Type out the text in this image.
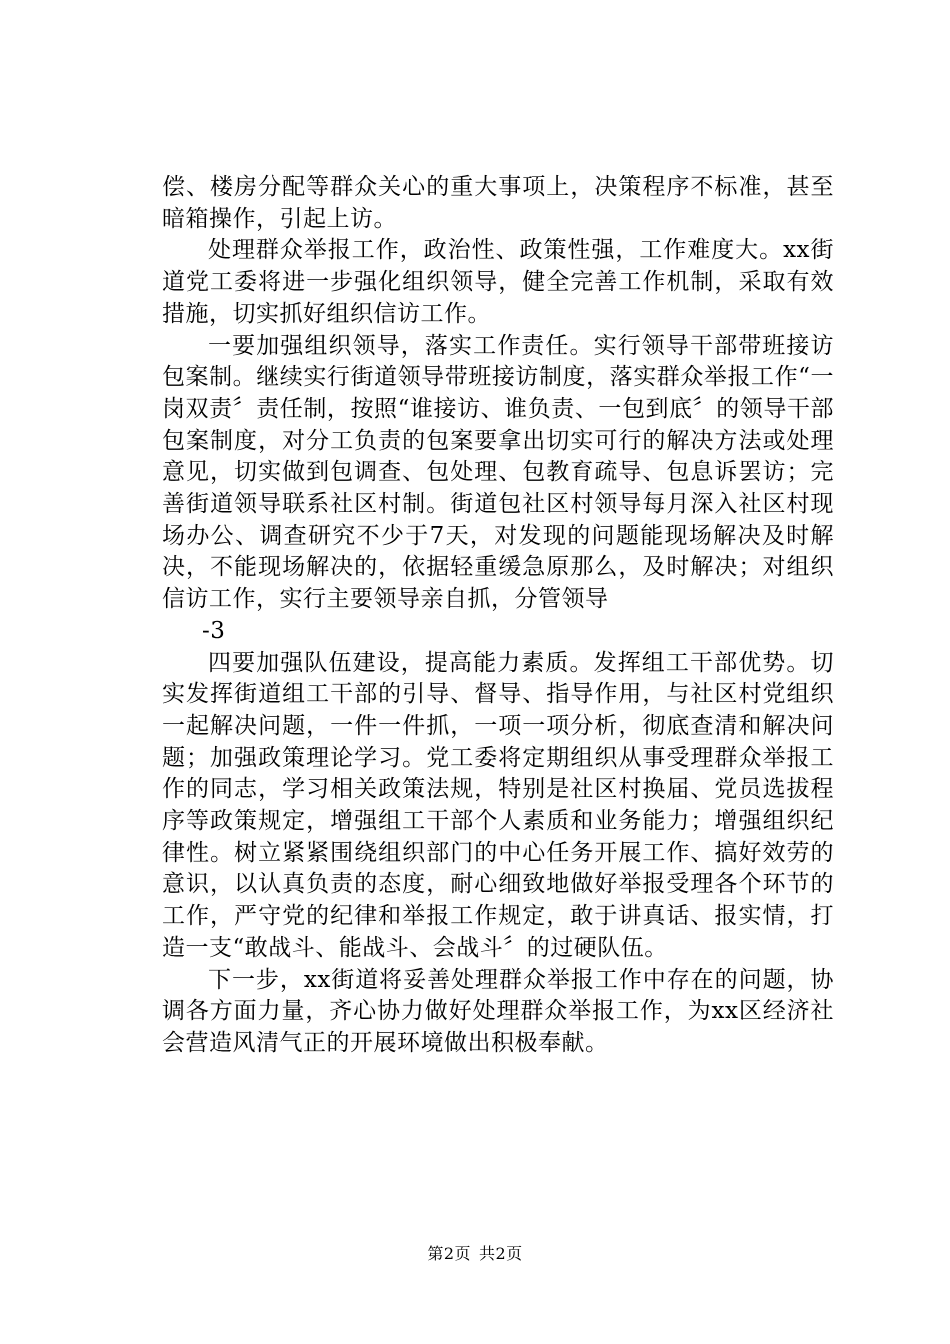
偿、楼房分配等群众关心的重大事项上，决策程序不标准，甚至暗箱操作，引起上访。

处理群众举报工作，政治性、政策性强，工作难度大。xx街道党工委将进一步强化组织领导，健全完善工作机制，采取有效措施，切实抓好组织信访工作。

一要加强组织领导，落实工作责任。实行领导干部带班接访包案制。继续实行街道领导带班接访制度，落实群众举报工作“一岗双责〞责任制，按照“谁接访、谁负责、一包到底〞的领导干部包案制度，对分工负责的包案要拿出切实可行的解决方法或处理意见，切实做到包调查、包处理、包教育疏导、包息诉罢访；完善街道领导联系社区村制。街道包社区村领导每月深入社区村现场办公、调查研究不少于7天，对发现的问题能现场解决及时解决，不能现场解决的，依据轻重缓急原那么，及时解决；对组织信访工作，实行主要领导亲自抓，分管领导

-3

四要加强队伍建设，提高能力素质。发挥组工干部优势。切实发挥街道组工干部的引导、督导、指导作用，与社区村党组织一起解决问题，一件一件抓，一项一项分析，彻底查清和解决问题；加强政策理论学习。党工委将定期组织从事受理群众举报工作的同志，学习相关政策法规，特别是社区村换届、党员选拔程序等政策规定，增强组工干部个人素质和业务能力；增强组织纪律性。树立紧紧围绕组织部门的中心任务开展工作、搞好效劳的意识，以认真负责的态度，耐心细致地做好举报受理各个环节的工作，严守党的纪律和举报工作规定，敢于讲真话、报实情，打造一支“敢战斗、能战斗、会战斗〞的过硬队伍。

下一步，xx街道将妥善处理群众举报工作中存在的问题，协调各方面力量，齐心协力做好处理群众举报工作，为xx区经济社会营造风清气正的开展环境做出积极奉献。

第2页 共2页
